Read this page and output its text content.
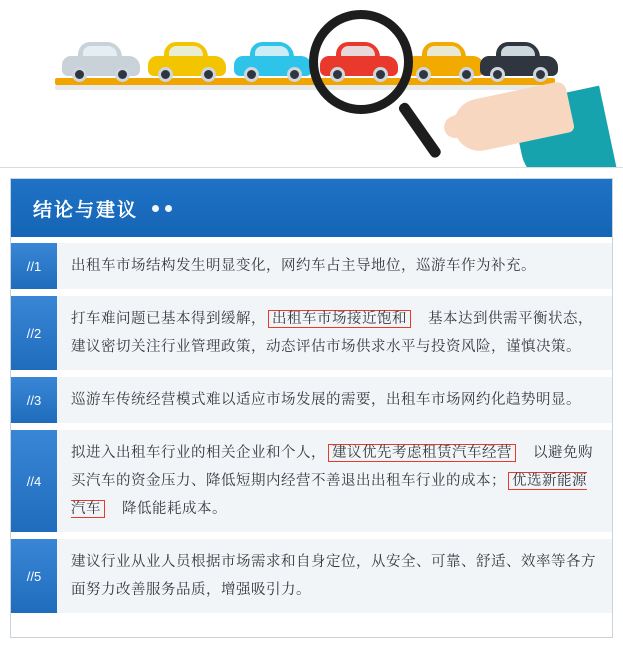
结论与建议
//1	出租车市场结构发生明显变化，网约车占主导地位，巡游车作为补充。
//2
打车难问题已基本得到缓解， 出租车市场接近饱和　基本达到供需平衡状态，建议密切关注行业管理政策，动态评估市场供求水平与投资风险，谨慎决策。
//3	巡游车传统经营模式难以适应市场发展的需要，出租车市场网约化趋势明显。
//4
拟进入出租车行业的相关企业和个人， 建议优先考虑租赁汽车经营　以避免购买汽车的资金压力、降低短期内经营不善退出出租车行业的成本； 优选新能源汽车　降低能耗成本。
//5
建议行业从业人员根据市场需求和自身定位，从安全、可靠、舒适、效率等各方面努力改善服务品质，增强吸引力。
